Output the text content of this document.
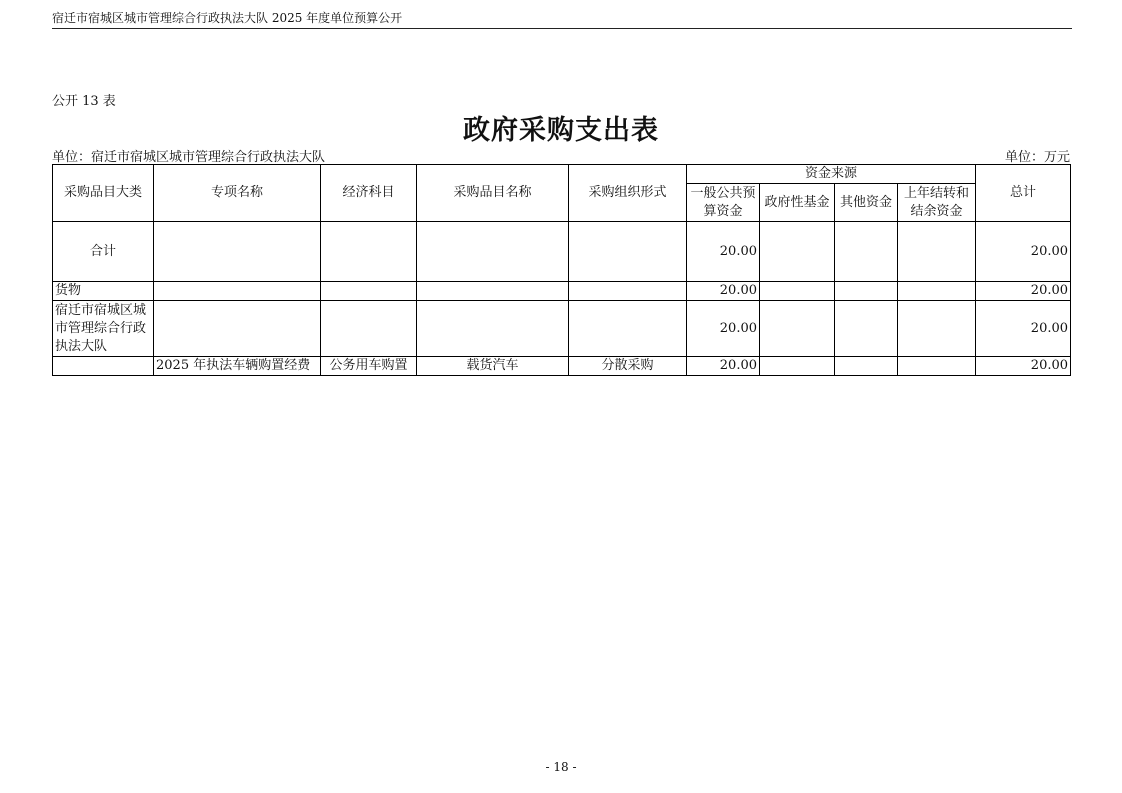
宿迁市宿城区城市管理综合行政执法大队 2025 年度单位预算公开
公开 13 表
政府采购支出表
单位：宿迁市宿城区城市管理综合行政执法大队	单位：万元
采购品目大类	专项名称	经济科目	采购品目名称	采购组织形式	资金来源				总计
					一般公共预算资金	政府性基金	其他资金	上年结转和结余资金	
合计					20.00				20.00
货物					20.00				20.00
宿迁市宿城区城市管理综合行政执法大队					20.00				20.00
	2025 年执法车辆购置经费	公务用车购置	载货汽车	分散采购	20.00				20.00
- 18 -
